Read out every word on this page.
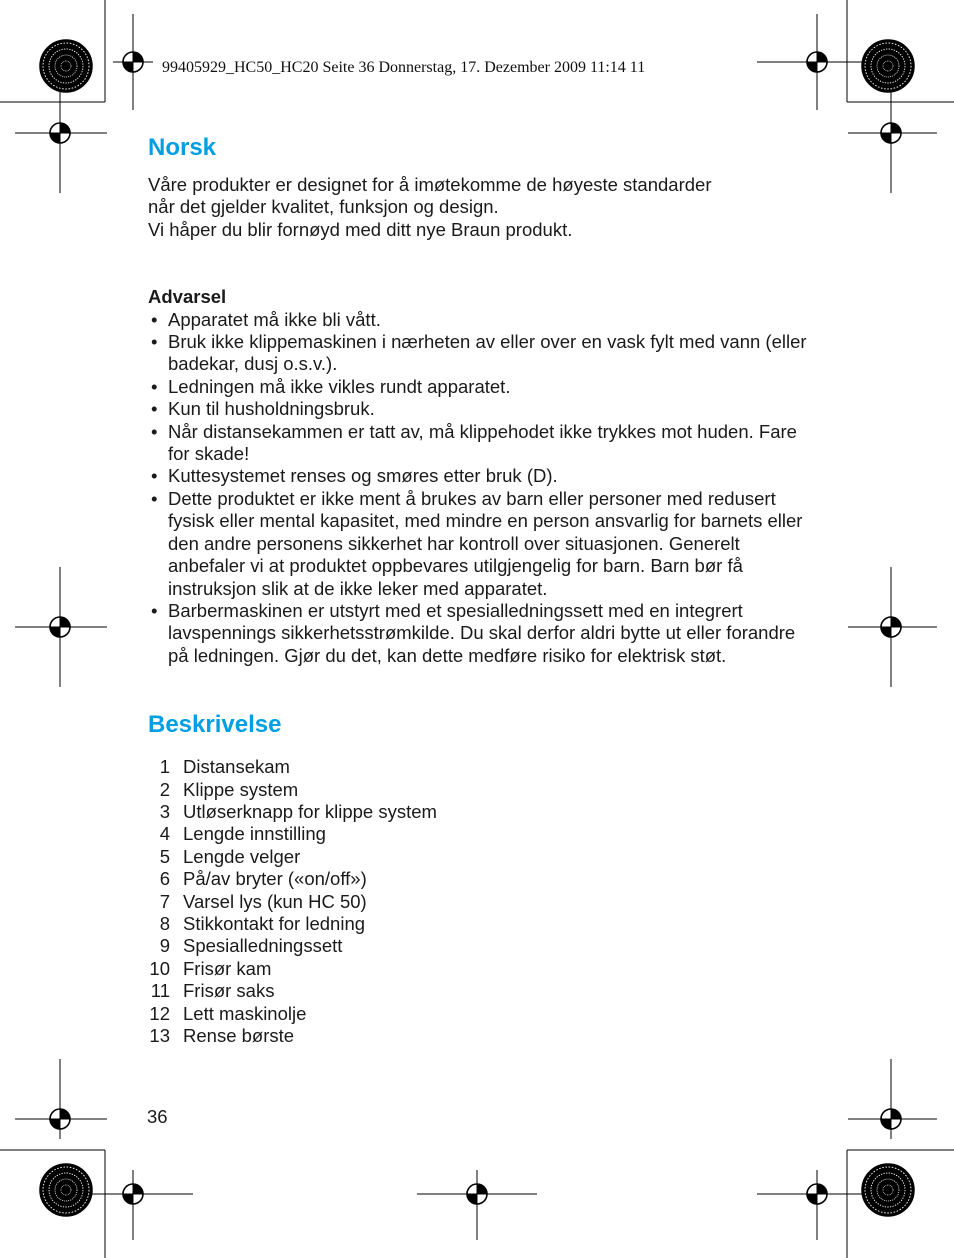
99405929_HC50_HC20 Seite 36 Donnerstag, 17. Dezember 2009 11:14 11
Norsk

Våre produkter er designet for å imøtekomme de høyeste standarder

når det gjelder kvalitet, funksjon og design.

Vi håper du blir fornøyd med ditt nye Braun produkt.

Advarsel
• Apparatet må ikke bli vått.
• Bruk ikke klippemaskinen i nærheten av eller over en vask fylt med vann (eller badekar, dusj o.s.v.).
• Ledningen må ikke vikles rundt apparatet.
• Kun til husholdningsbruk.
• Når distansekammen er tatt av, må klippehodet ikke trykkes mot huden. Fare for skade!
• Kuttesystemet renses og smøres etter bruk (D).
• Dette produktet er ikke ment å brukes av barn eller personer med redusert fysisk eller mental kapasitet, med mindre en person ansvarlig for barnets eller den andre personens sikkerhet har kontroll over situasjonen. Generelt anbefaler vi at produktet oppbevares utilgjengelig for barn. Barn bør få instruksjon slik at de ikke leker med apparatet.
• Barbermaskinen er utstyrt med et spesialledningssett med en integrert lavspennings sikkerhetsstrømkilde. Du skal derfor aldri bytte ut eller forandre på ledningen. Gjør du det, kan dette medføre risiko for elektrisk støt.
Beskrivelse
1 Distansekam
2 Klippe system
3 Utløserknapp for klippe system
4 Lengde innstilling
5 Lengde velger
6 På/av bryter («on/off»)
7 Varsel lys (kun HC 50)
8 Stikkontakt for ledning
9 Spesialledningssett
10 Frisør kam
11 Frisør saks
12 Lett maskinolje
13 Rense børste
36
